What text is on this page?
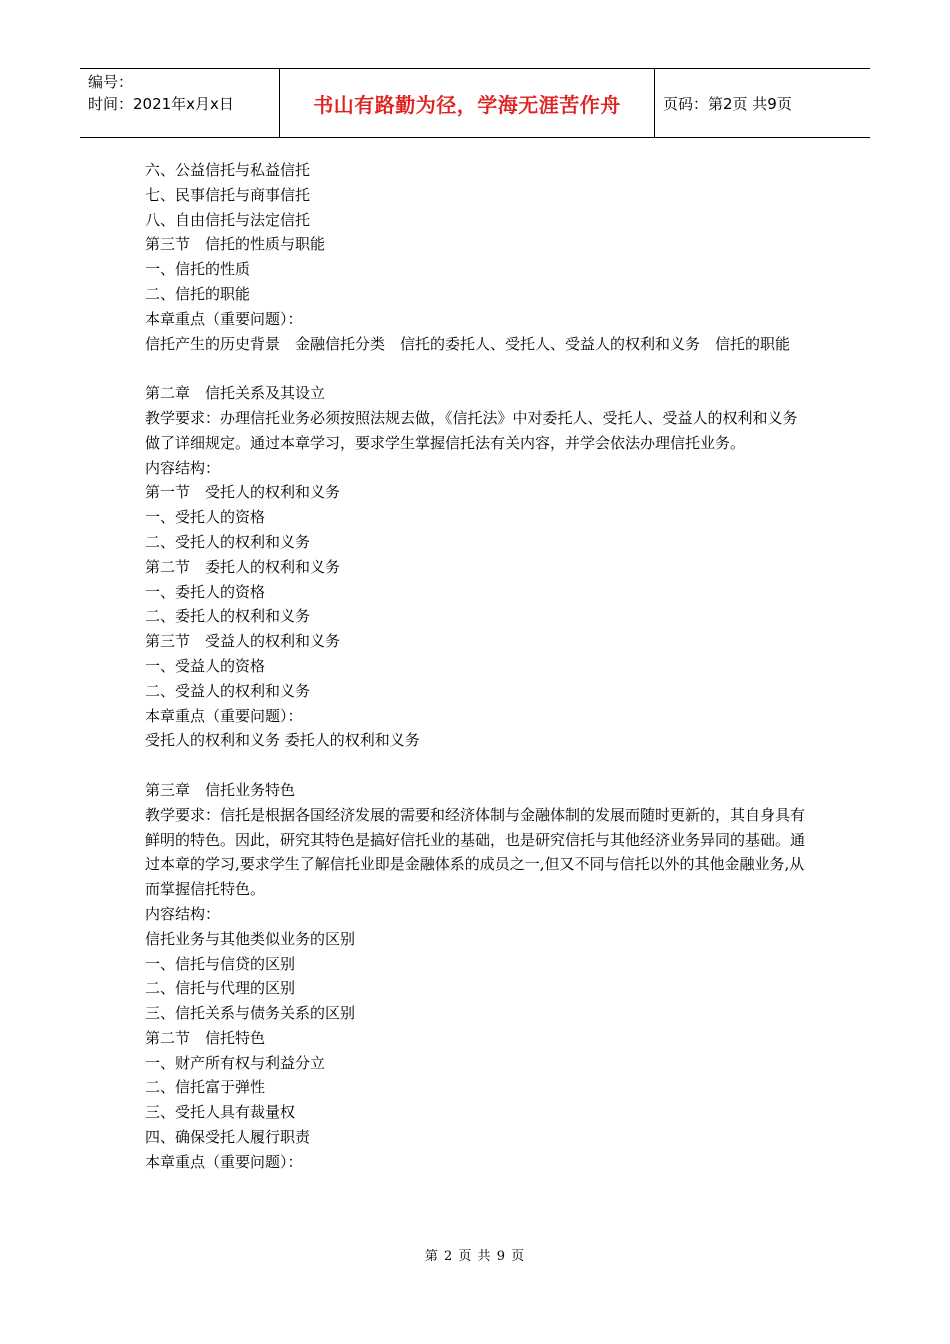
编号：
时间：2021年x月x日	书山有路勤为径，学海无涯苦作舟	页码：第2页 共9页
六、公益信托与私益信托
七、民事信托与商事信托
八、自由信托与法定信托
第三节　信托的性质与职能
一、信托的性质
二、信托的职能
本章重点（重要问题）：
信托产生的历史背景　金融信托分类　信托的委托人、受托人、受益人的权利和义务　信托的职能
第二章　信托关系及其设立
教学要求：办理信托业务必须按照法规去做，《信托法》中对委托人、受托人、受益人的权利和义务做了详细规定。通过本章学习，要求学生掌握信托法有关内容，并学会依法办理信托业务。
内容结构：
第一节　受托人的权利和义务
一、受托人的资格
二、受托人的权利和义务
第二节　委托人的权利和义务
一、委托人的资格
二、委托人的权利和义务
第三节　受益人的权利和义务
一、受益人的资格
二、受益人的权利和义务
本章重点（重要问题）：
受托人的权利和义务 委托人的权利和义务
第三章　信托业务特色
教学要求：信托是根据各国经济发展的需要和经济体制与金融体制的发展而随时更新的，其自身具有鲜明的特色。因此，研究其特色是搞好信托业的基础，也是研究信托与其他经济业务异同的基础。通过本章的学习,要求学生了解信托业即是金融体系的成员之一,但又不同与信托以外的其他金融业务,从而掌握信托特色。
内容结构：
信托业务与其他类似业务的区别
一、信托与信贷的区别
二、信托与代理的区别
三、信托关系与债务关系的区别
第二节　信托特色
一、财产所有权与利益分立
二、信托富于弹性
三、受托人具有裁量权
四、确保受托人履行职责
本章重点（重要问题）：
第 2 页 共 9 页
